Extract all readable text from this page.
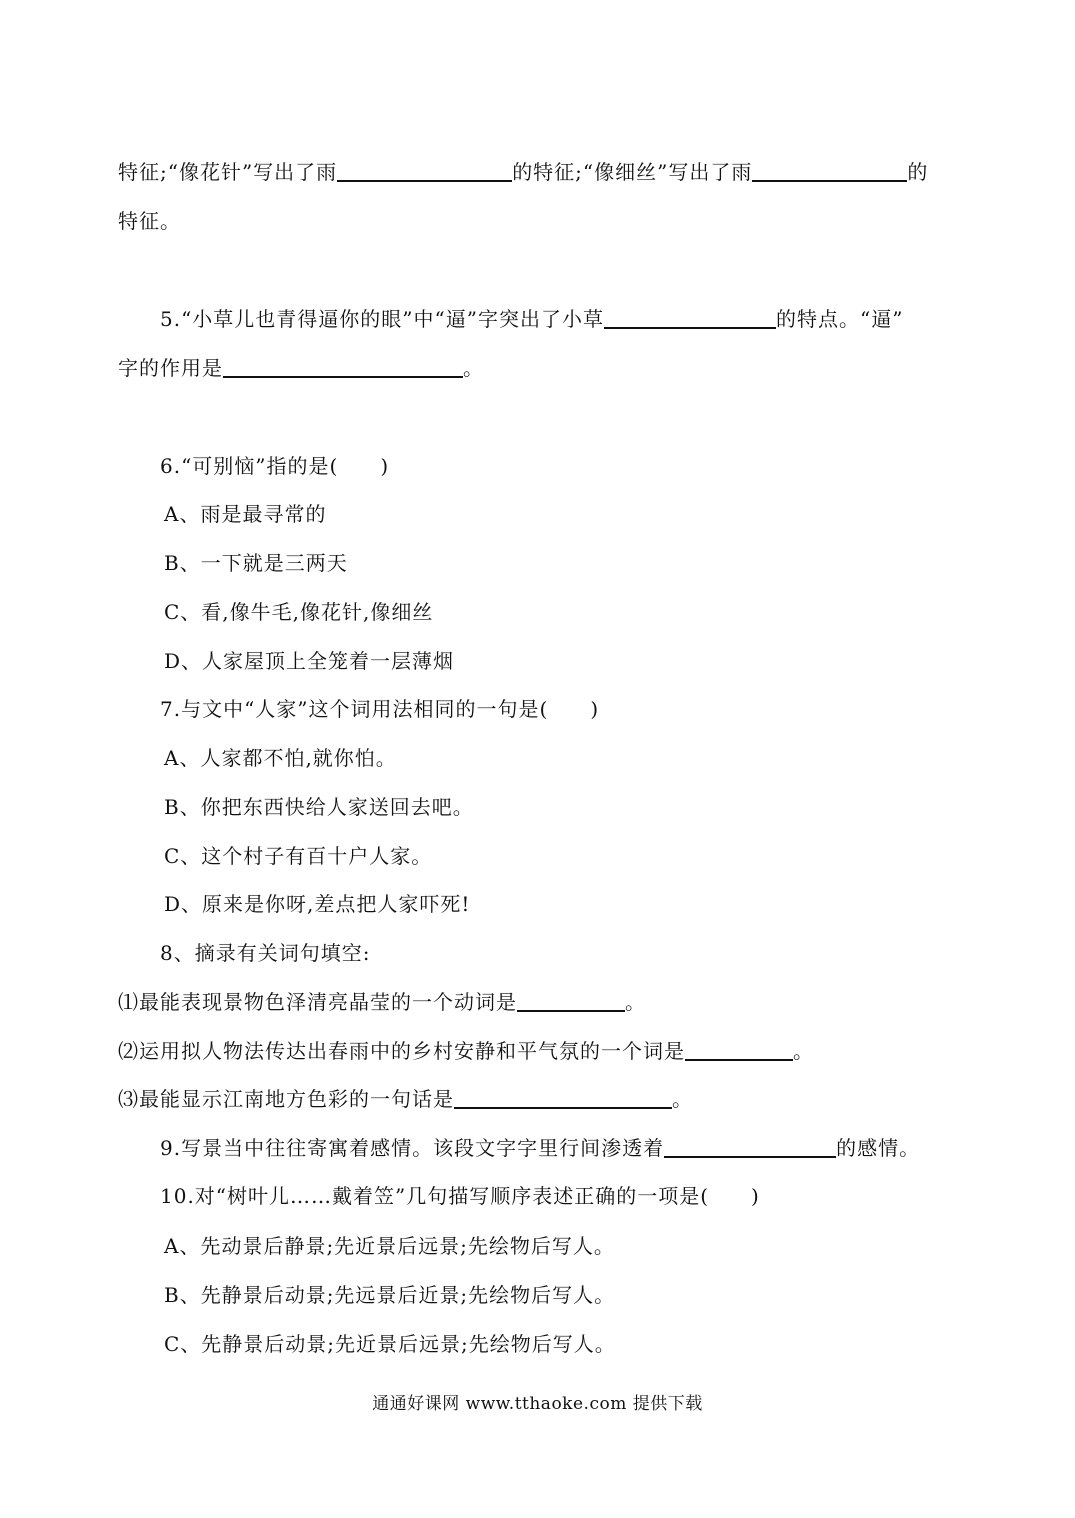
特征;“像花针”写出了雨	的特征;“像细丝”写出了雨	的
特征。
5.“小草儿也青得逼你的眼”中“逼”字突出了小草	的特点。“逼”
字的作用是	。
6.“可别恼”指的是(　　)
A、雨是最寻常的
B、一下就是三两天
C、看,像牛毛,像花针,像细丝
D、人家屋顶上全笼着一层薄烟
7.与文中“人家”这个词用法相同的一句是(　　)
A、人家都不怕,就你怕。
B、你把东西快给人家送回去吧。
C、这个村子有百十户人家。
D、原来是你呀,差点把人家吓死!
8、摘录有关词句填空:
⑴最能表现景物色泽清亮晶莹的一个动词是	。
⑵运用拟人物法传达出春雨中的乡村安静和平气氛的一个词是	。
⑶最能显示江南地方色彩的一句话是	。
9.写景当中往往寄寓着感情。该段文字字里行间渗透着	的感情。
10.对“树叶儿……戴着笠”几句描写顺序表述正确的一项是(　　)
A、先动景后静景;先近景后远景;先绘物后写人。
B、先静景后动景;先远景后近景;先绘物后写人。
C、先静景后动景;先近景后远景;先绘物后写人。
通通好课网 www.tthaoke.com 提供下载
